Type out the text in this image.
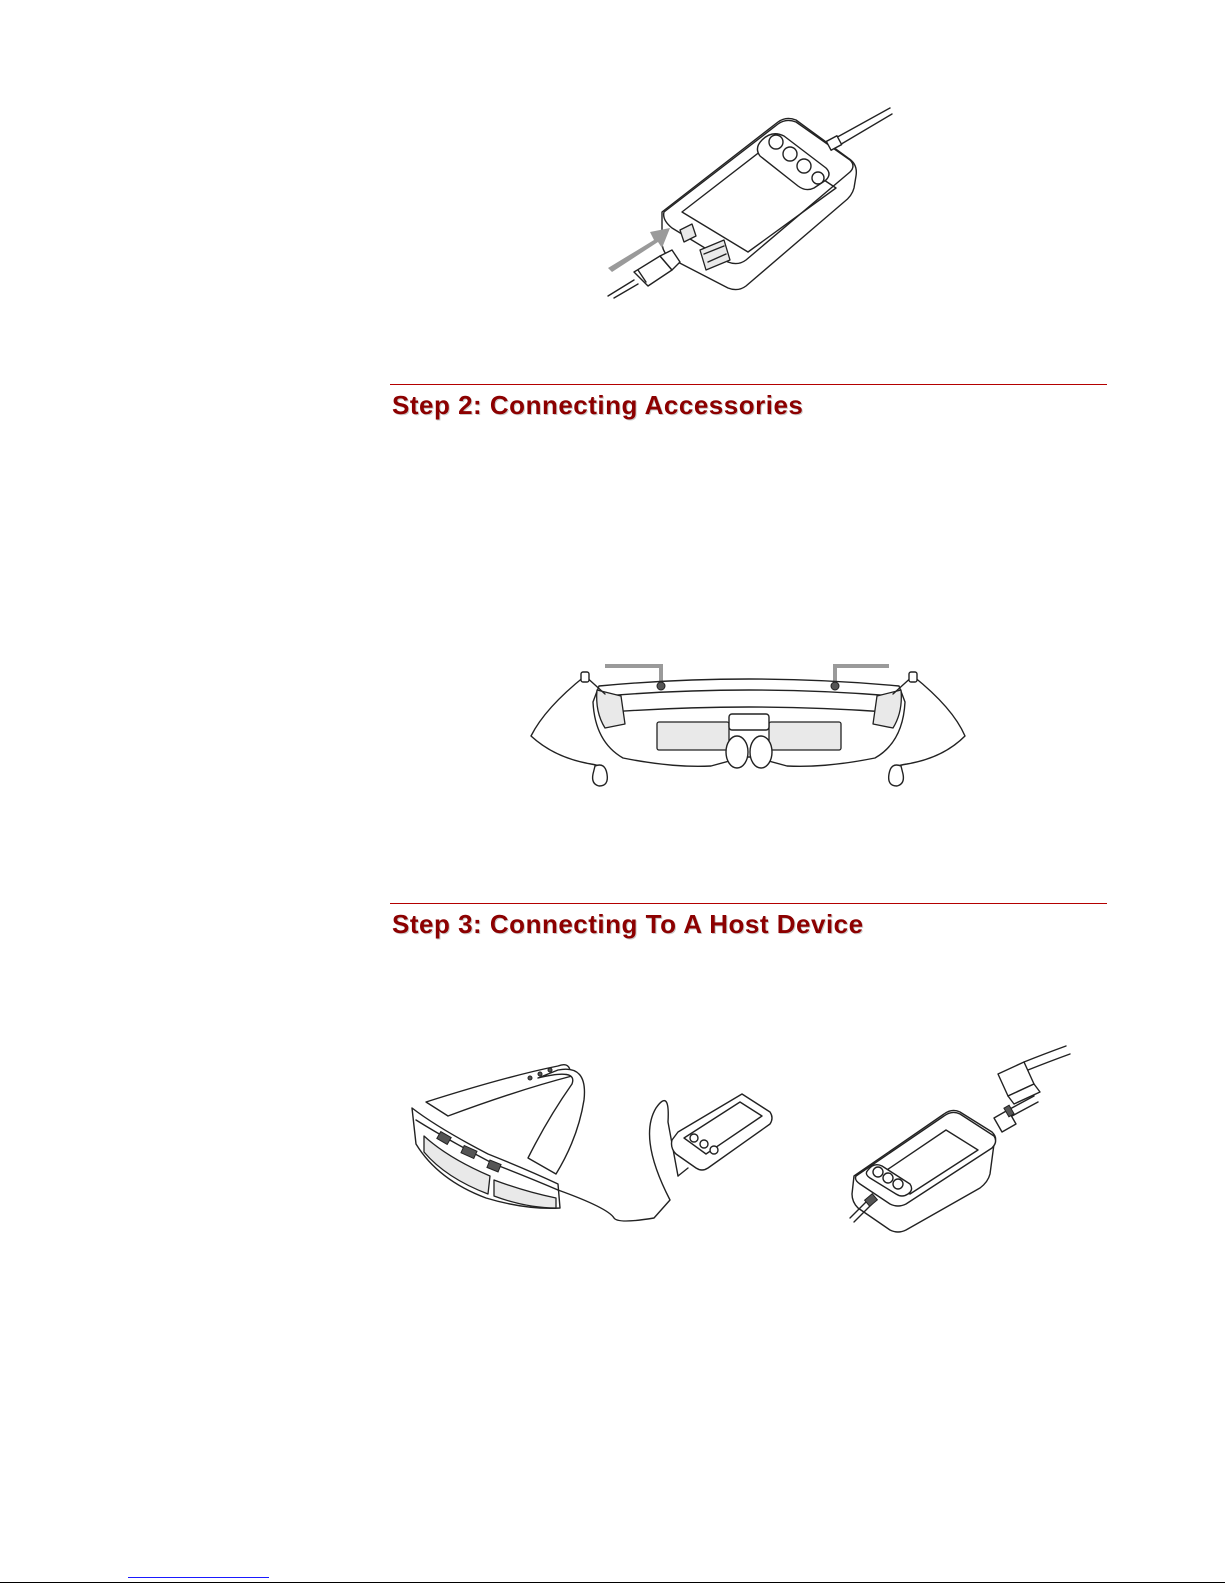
Step 2: Connecting Accessories
Step 3: Connecting To A Host Device
